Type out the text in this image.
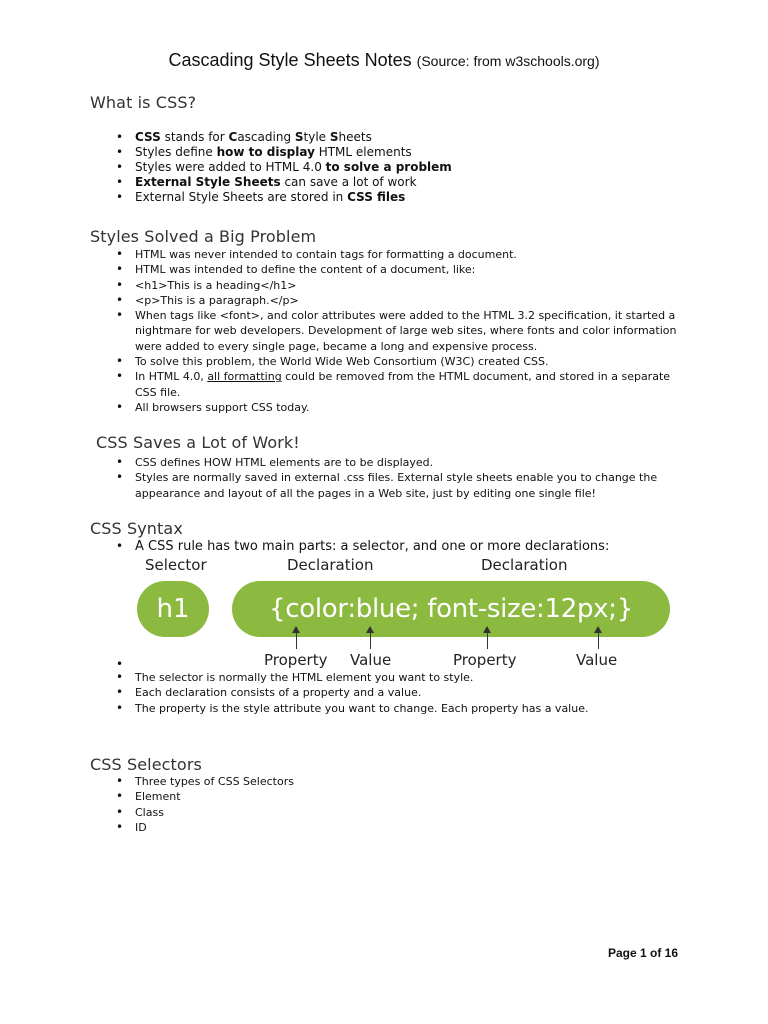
Cascading Style Sheets Notes (Source: from w3schools.org)
What is CSS?
• CSS stands for Cascading Style Sheets
• Styles define how to display HTML elements
• Styles were added to HTML 4.0 to solve a problem
• External Style Sheets can save a lot of work
• External Style Sheets are stored in CSS files
Styles Solved a Big Problem
• HTML was never intended to contain tags for formatting a document.
• HTML was intended to define the content of a document, like:
• <h1>This is a heading</h1>
• <p>This is a paragraph.</p>
• When tags like <font>, and color attributes were added to the HTML 3.2 specification, it started a nightmare for web developers. Development of large web sites, where fonts and color information were added to every single page, became a long and expensive process.
• To solve this problem, the World Wide Web Consortium (W3C) created CSS.
• In HTML 4.0, all formatting could be removed from the HTML document, and stored in a separate CSS file.
• All browsers support CSS today.
CSS Saves a Lot of Work!
• CSS defines HOW HTML elements are to be displayed.
• Styles are normally saved in external .css files. External style sheets enable you to change the appearance and layout of all the pages in a Web site, just by editing one single file!
CSS Syntax
• A CSS rule has two main parts: a selector, and one or more declarations:
Selector	Declaration	Declaration
h1	{color:blue; font-size:12px;}
Property Value	Property	Value
•
• The selector is normally the HTML element you want to style.
• Each declaration consists of a property and a value.
• The property is the style attribute you want to change. Each property has a value.
CSS Selectors
• Three types of CSS Selectors
• Element
• Class
• ID
Page 1 of 16
